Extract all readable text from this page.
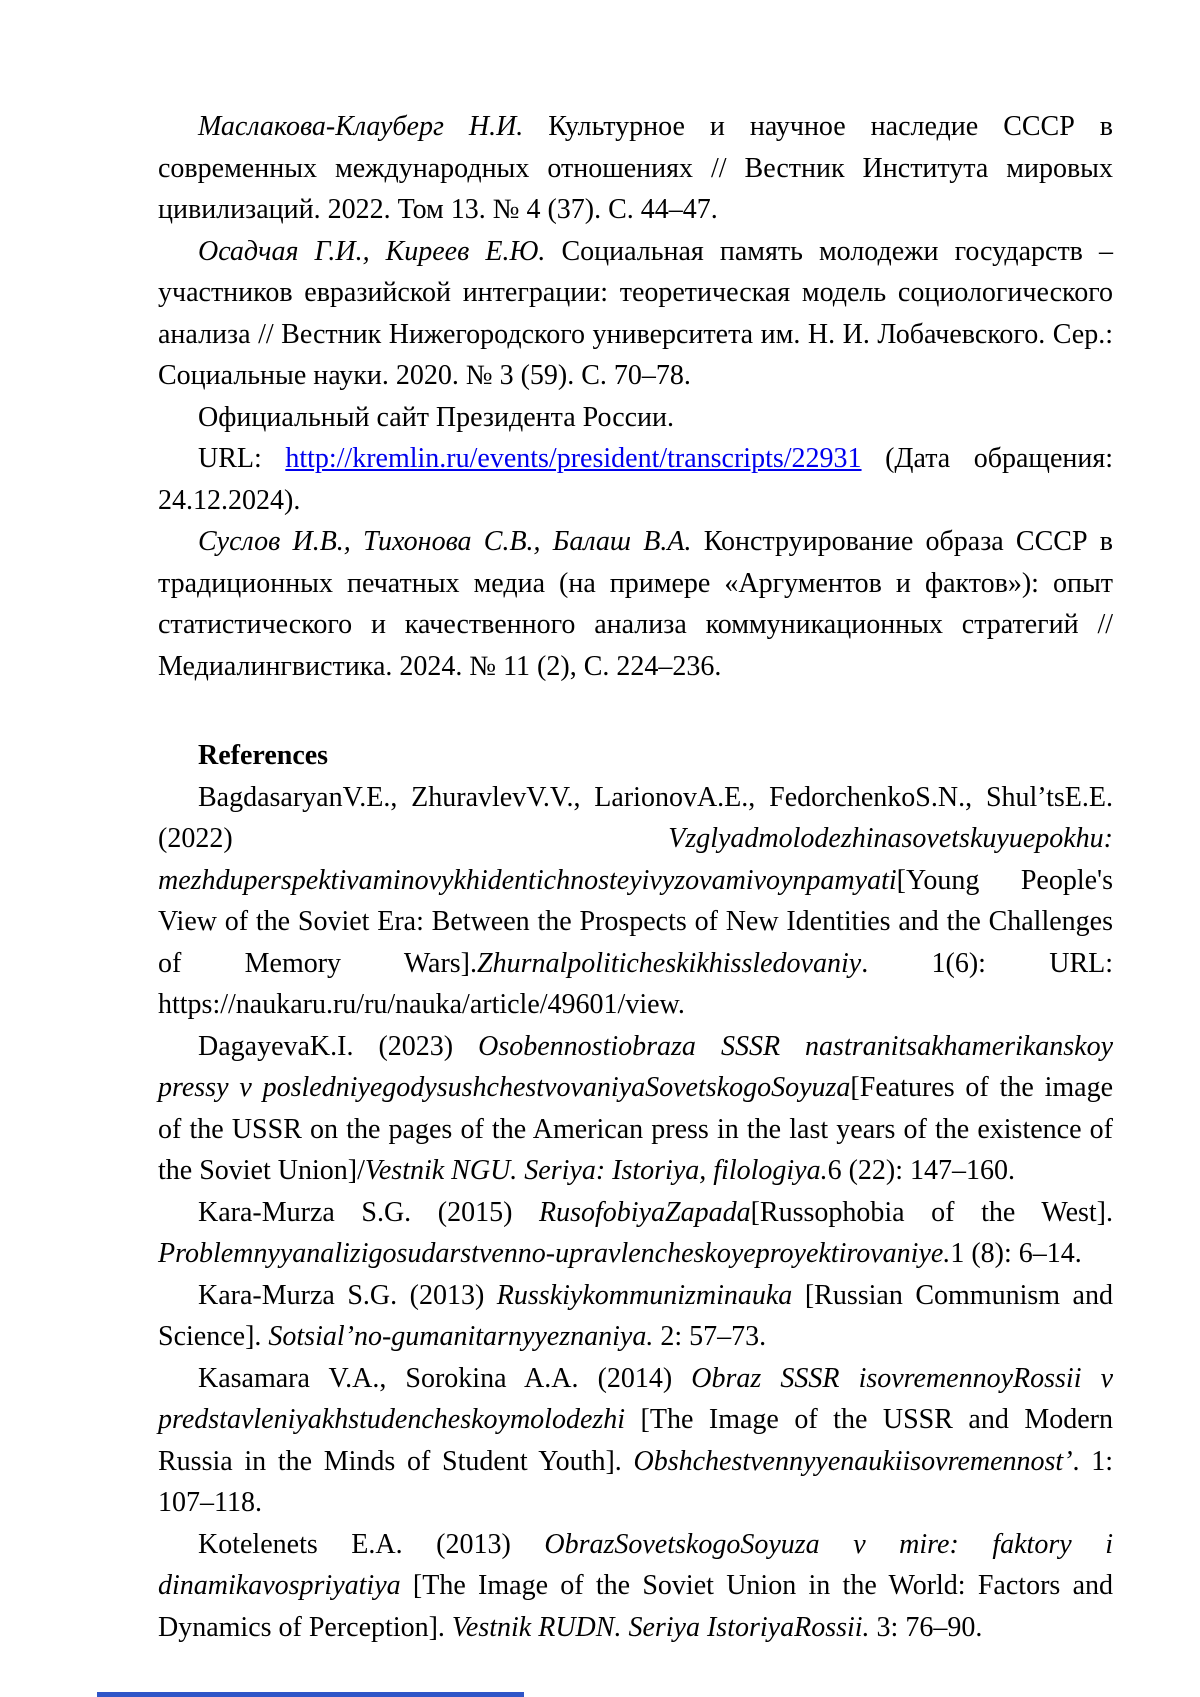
Маслакова-Клауберг Н.И. Культурное и научное наследие СССР в современных международных отношениях // Вестник Института мировых цивилизаций. 2022. Том 13. № 4 (37). С. 44–47.

Осадчая Г.И., Киреев Е.Ю. Социальная память молодежи государств – участников евразийской интеграции: теоретическая модель социологического анализа // Вестник Нижегородского университета им. Н. И. Лобачевского. Сер.: Социальные науки. 2020. № 3 (59). С. 70–78.

Официальный сайт Президента России.

URL: http://kremlin.ru/events/president/transcripts/22931 (Дата обращения: 24.12.2024).

Суслов И.В., Тихонова С.В., Балаш В.А. Конструирование образа СССР в традиционных печатных медиа (на примере «Аргументов и фактов»): опыт статистического и качественного анализа коммуникационных стратегий // Медиалингвистика. 2024. № 11 (2), С. 224–236.

References

BagdasaryanV.E., ZhuravlevV.V., LarionovA.E., FedorchenkoS.N., Shul’tsE.E. (2022) Vzglyadmolodezhinasovetskuyuepokhu: mezhduperspektivaminovykhidentichnosteyivyzovamivoynpamyati[Young People's View of the Soviet Era: Between the Prospects of New Identities and the Challenges of Memory Wars].Zhurnalpoliticheskikhissledovaniy. 1(6): URL: https://naukaru.ru/ru/nauka/article/49601/view.

DagayevaK.I. (2023) Osobennostiobraza SSSR nastranitsakhamerikanskoy pressy v posledniyegodysushchestvovaniyaSovetskogoSoyuza[Features of the image of the USSR on the pages of the American press in the last years of the existence of the Soviet Union]/Vestnik NGU. Seriya: Istoriya, filologiya.6 (22): 147–160.

Kara-Murza S.G. (2015) RusofobiyaZapada[Russophobia of the West]. Problemnyyanalizigosudarstvenno-upravlencheskoyeproyektirovaniye.1 (8): 6–14.

Kara-Murza S.G. (2013) Russkiykommunizminauka [Russian Communism and Science]. Sotsial’no-gumanitarnyyeznaniya. 2: 57–73.

Kasamara V.A., Sorokina A.A. (2014) Obraz SSSR isovremennoyRossii v predstavleniyakhstudencheskoymolodezhi [The Image of the USSR and Modern Russia in the Minds of Student Youth]. Obshchestvennyyenaukiisovremennost’. 1: 107–118.

Kotelenets E.A. (2013) ObrazSovetskogoSoyuza v mire: faktory i dinamikavospriyatiya [The Image of the Soviet Union in the World: Factors and Dynamics of Perception]. Vestnik RUDN. Seriya IstoriyaRossii. 3: 76–90.
